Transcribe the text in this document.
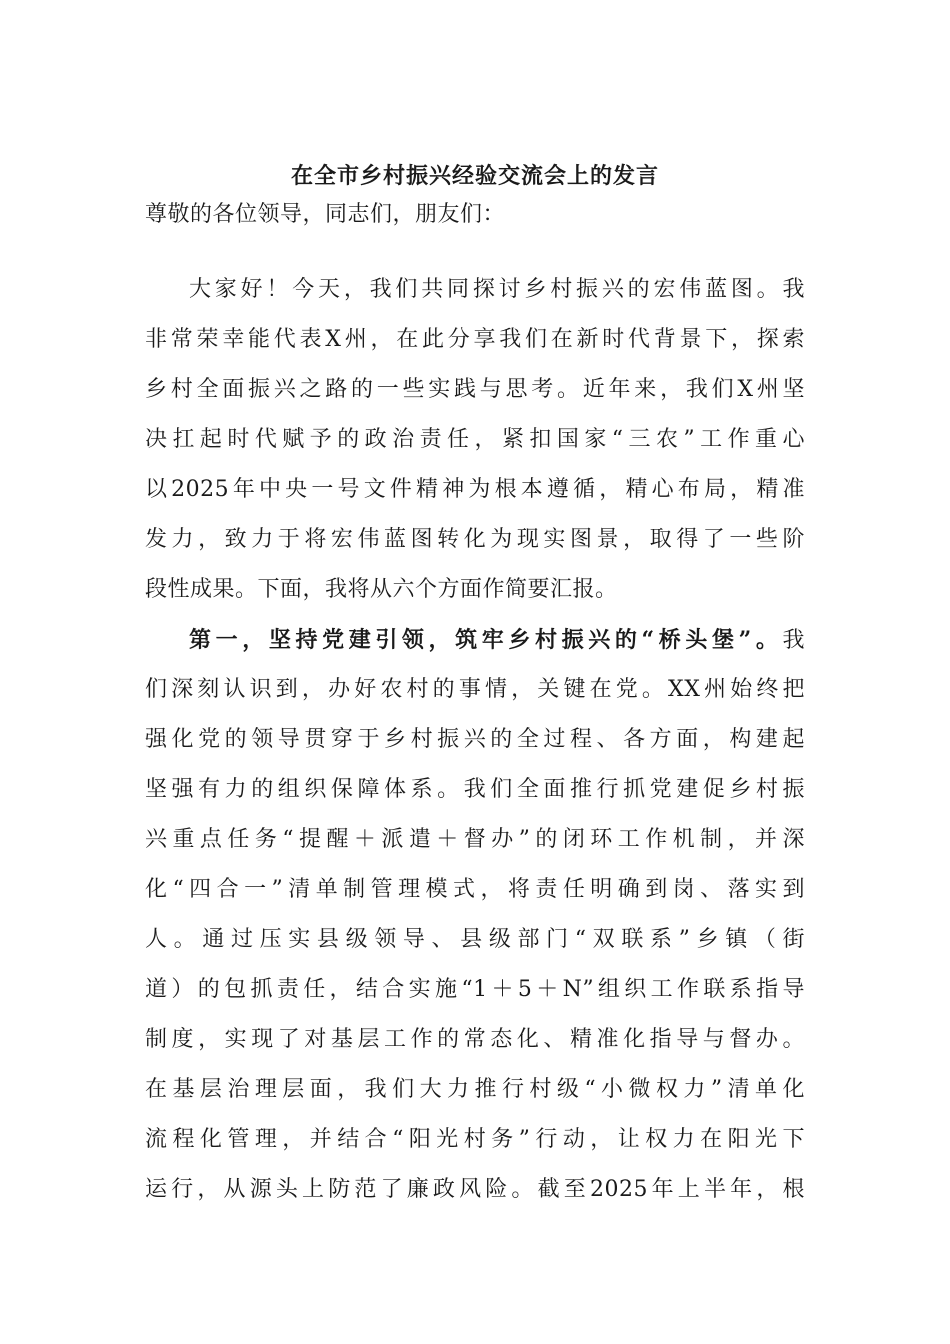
在全市乡村振兴经验交流会上的发言
尊敬的各位领导，同志们，朋友们：
大家好！今天，我们共同探讨乡村振兴的宏伟蓝图。我
非常荣幸能代表X州，在此分享我们在新时代背景下，探索
乡村全面振兴之路的一些实践与思考。近年来，我们X州坚
决扛起时代赋予的政治责任，紧扣国家“三农”工作重心
以2025年中央一号文件精神为根本遵循，精心布局，精准
发力，致力于将宏伟蓝图转化为现实图景，取得了一些阶
段性成果。下面，我将从六个方面作简要汇报。
第一，坚持党建引领，筑牢乡村振兴的“桥头堡”。我
们深刻认识到，办好农村的事情，关键在党。XX州始终把
强化党的领导贯穿于乡村振兴的全过程、各方面，构建起
坚强有力的组织保障体系。我们全面推行抓党建促乡村振
兴重点任务“提醒＋派遣＋督办”的闭环工作机制，并深
化“四合一”清单制管理模式，将责任明确到岗、落实到
人。通过压实县级领导、县级部门“双联系”乡镇（街
道）的包抓责任，结合实施“1＋5＋N”组织工作联系指导
制度，实现了对基层工作的常态化、精准化指导与督办。
在基层治理层面，我们大力推行村级“小微权力”清单化
流程化管理，并结合“阳光村务”行动，让权力在阳光下
运行，从源头上防范了廉政风险。截至2025年上半年，根
